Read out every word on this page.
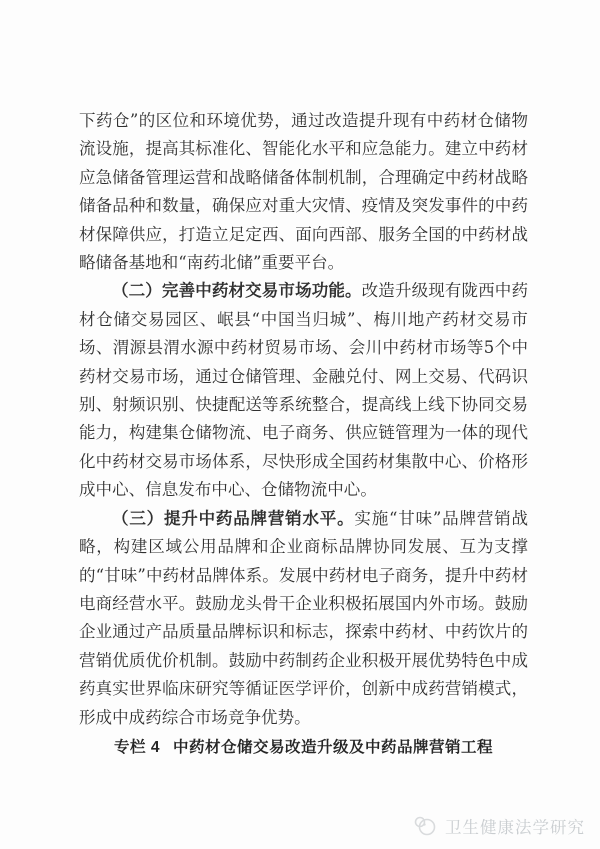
下药仓”的区位和环境优势，通过改造提升现有中药材仓储物流设施，提高其标准化、智能化水平和应急能力。建立中药材应急储备管理运营和战略储备体制机制，合理确定中药材战略储备品种和数量，确保应对重大灾情、疫情及突发事件的中药材保障供应，打造立足定西、面向西部、服务全国的中药材战略储备基地和“南药北储”重要平台。

（二）完善中药材交易市场功能。改造升级现有陇西中药材仓储交易园区、岷县“中国当归城”、梅川地产药材交易市场、渭源县渭水源中药材贸易市场、会川中药材市场等5个中药材交易市场，通过仓储管理、金融兑付、网上交易、代码识别、射频识别、快捷配送等系统整合，提高线上线下协同交易能力，构建集仓储物流、电子商务、供应链管理为一体的现代化中药材交易市场体系，尽快形成全国药材集散中心、价格形成中心、信息发布中心、仓储物流中心。

（三）提升中药品牌营销水平。实施“甘味”品牌营销战略，构建区域公用品牌和企业商标品牌协同发展、互为支撑的“甘味”中药材品牌体系。发展中药材电子商务，提升中药材电商经营水平。鼓励龙头骨干企业积极拓展国内外市场。鼓励企业通过产品质量品牌标识和标志，探索中药材、中药饮片的营销优质优价机制。鼓励中药制药企业积极开展优势特色中成药真实世界临床研究等循证医学评价，创新中成药营销模式，形成中成药综合市场竞争优势。

专栏 4 中药材仓储交易改造升级及中药品牌营销工程
卫生健康法学研究
